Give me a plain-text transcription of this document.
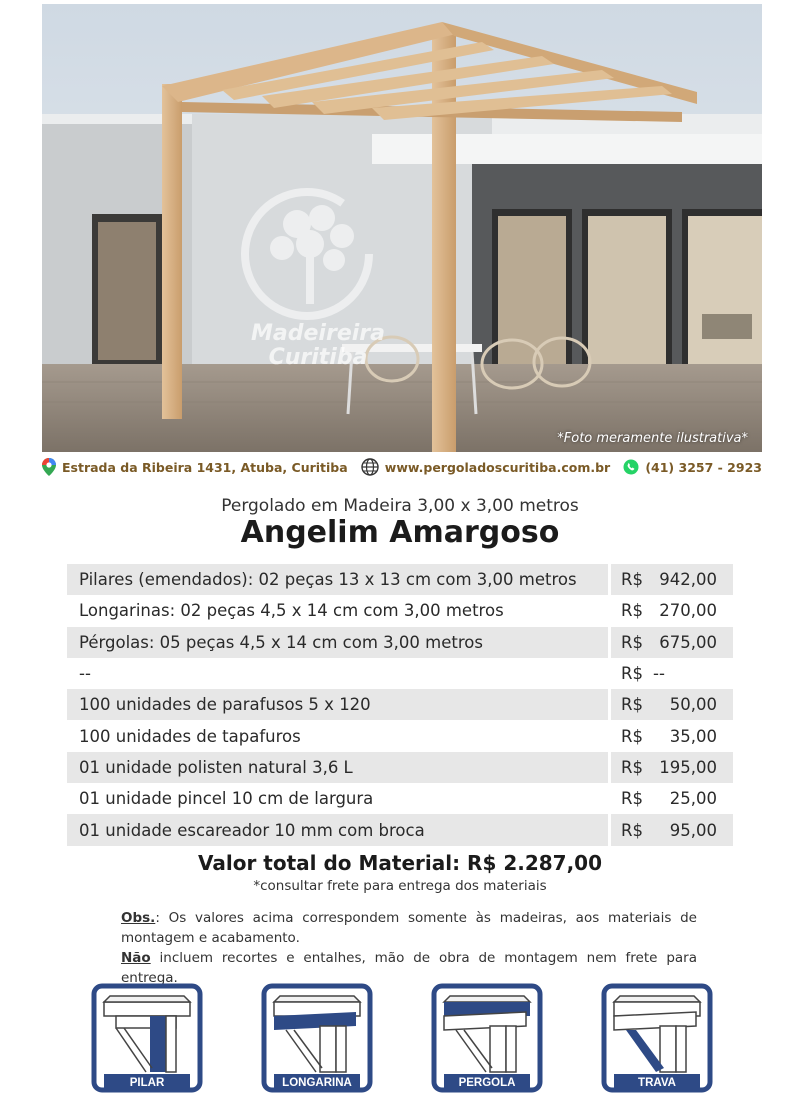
Madeireira
Curitiba
*Foto meramente ilustrativa*
Estrada da Ribeira 1431, Atuba, Curitiba	www.pergoladoscuritiba.com.br	(41) 3257 - 2923
Pergolado em Madeira 3,00 x 3,00 metros
Angelim Amargoso
Pilares (emendados): 02 peças 13 x 13 cm com 3,00 metros	R$	942,00
Longarinas: 02 peças 4,5 x 14 cm com 3,00 metros	R$	270,00
Pérgolas: 05 peças 4,5 x 14 cm com 3,00 metros	R$	675,00
--	R$	--
100 unidades de parafusos 5 x 120	R$	50,00
100 unidades de tapafuros	R$	35,00
01 unidade polisten natural 3,6 L	R$	195,00
01 unidade pincel 10 cm de largura	R$	25,00
01 unidade escareador 10 mm com broca	R$	95,00
Valor total do Material: R$ 2.287,00
*consultar frete para entrega dos materiais

Obs.: Os valores acima correspondem somente às madeiras, aos materiais de montagem e acabamento.

Não incluem recortes e entalhes, mão de obra de montagem nem frete para entrega.

PILAR	LONGARINA	PERGOLA	TRAVA
